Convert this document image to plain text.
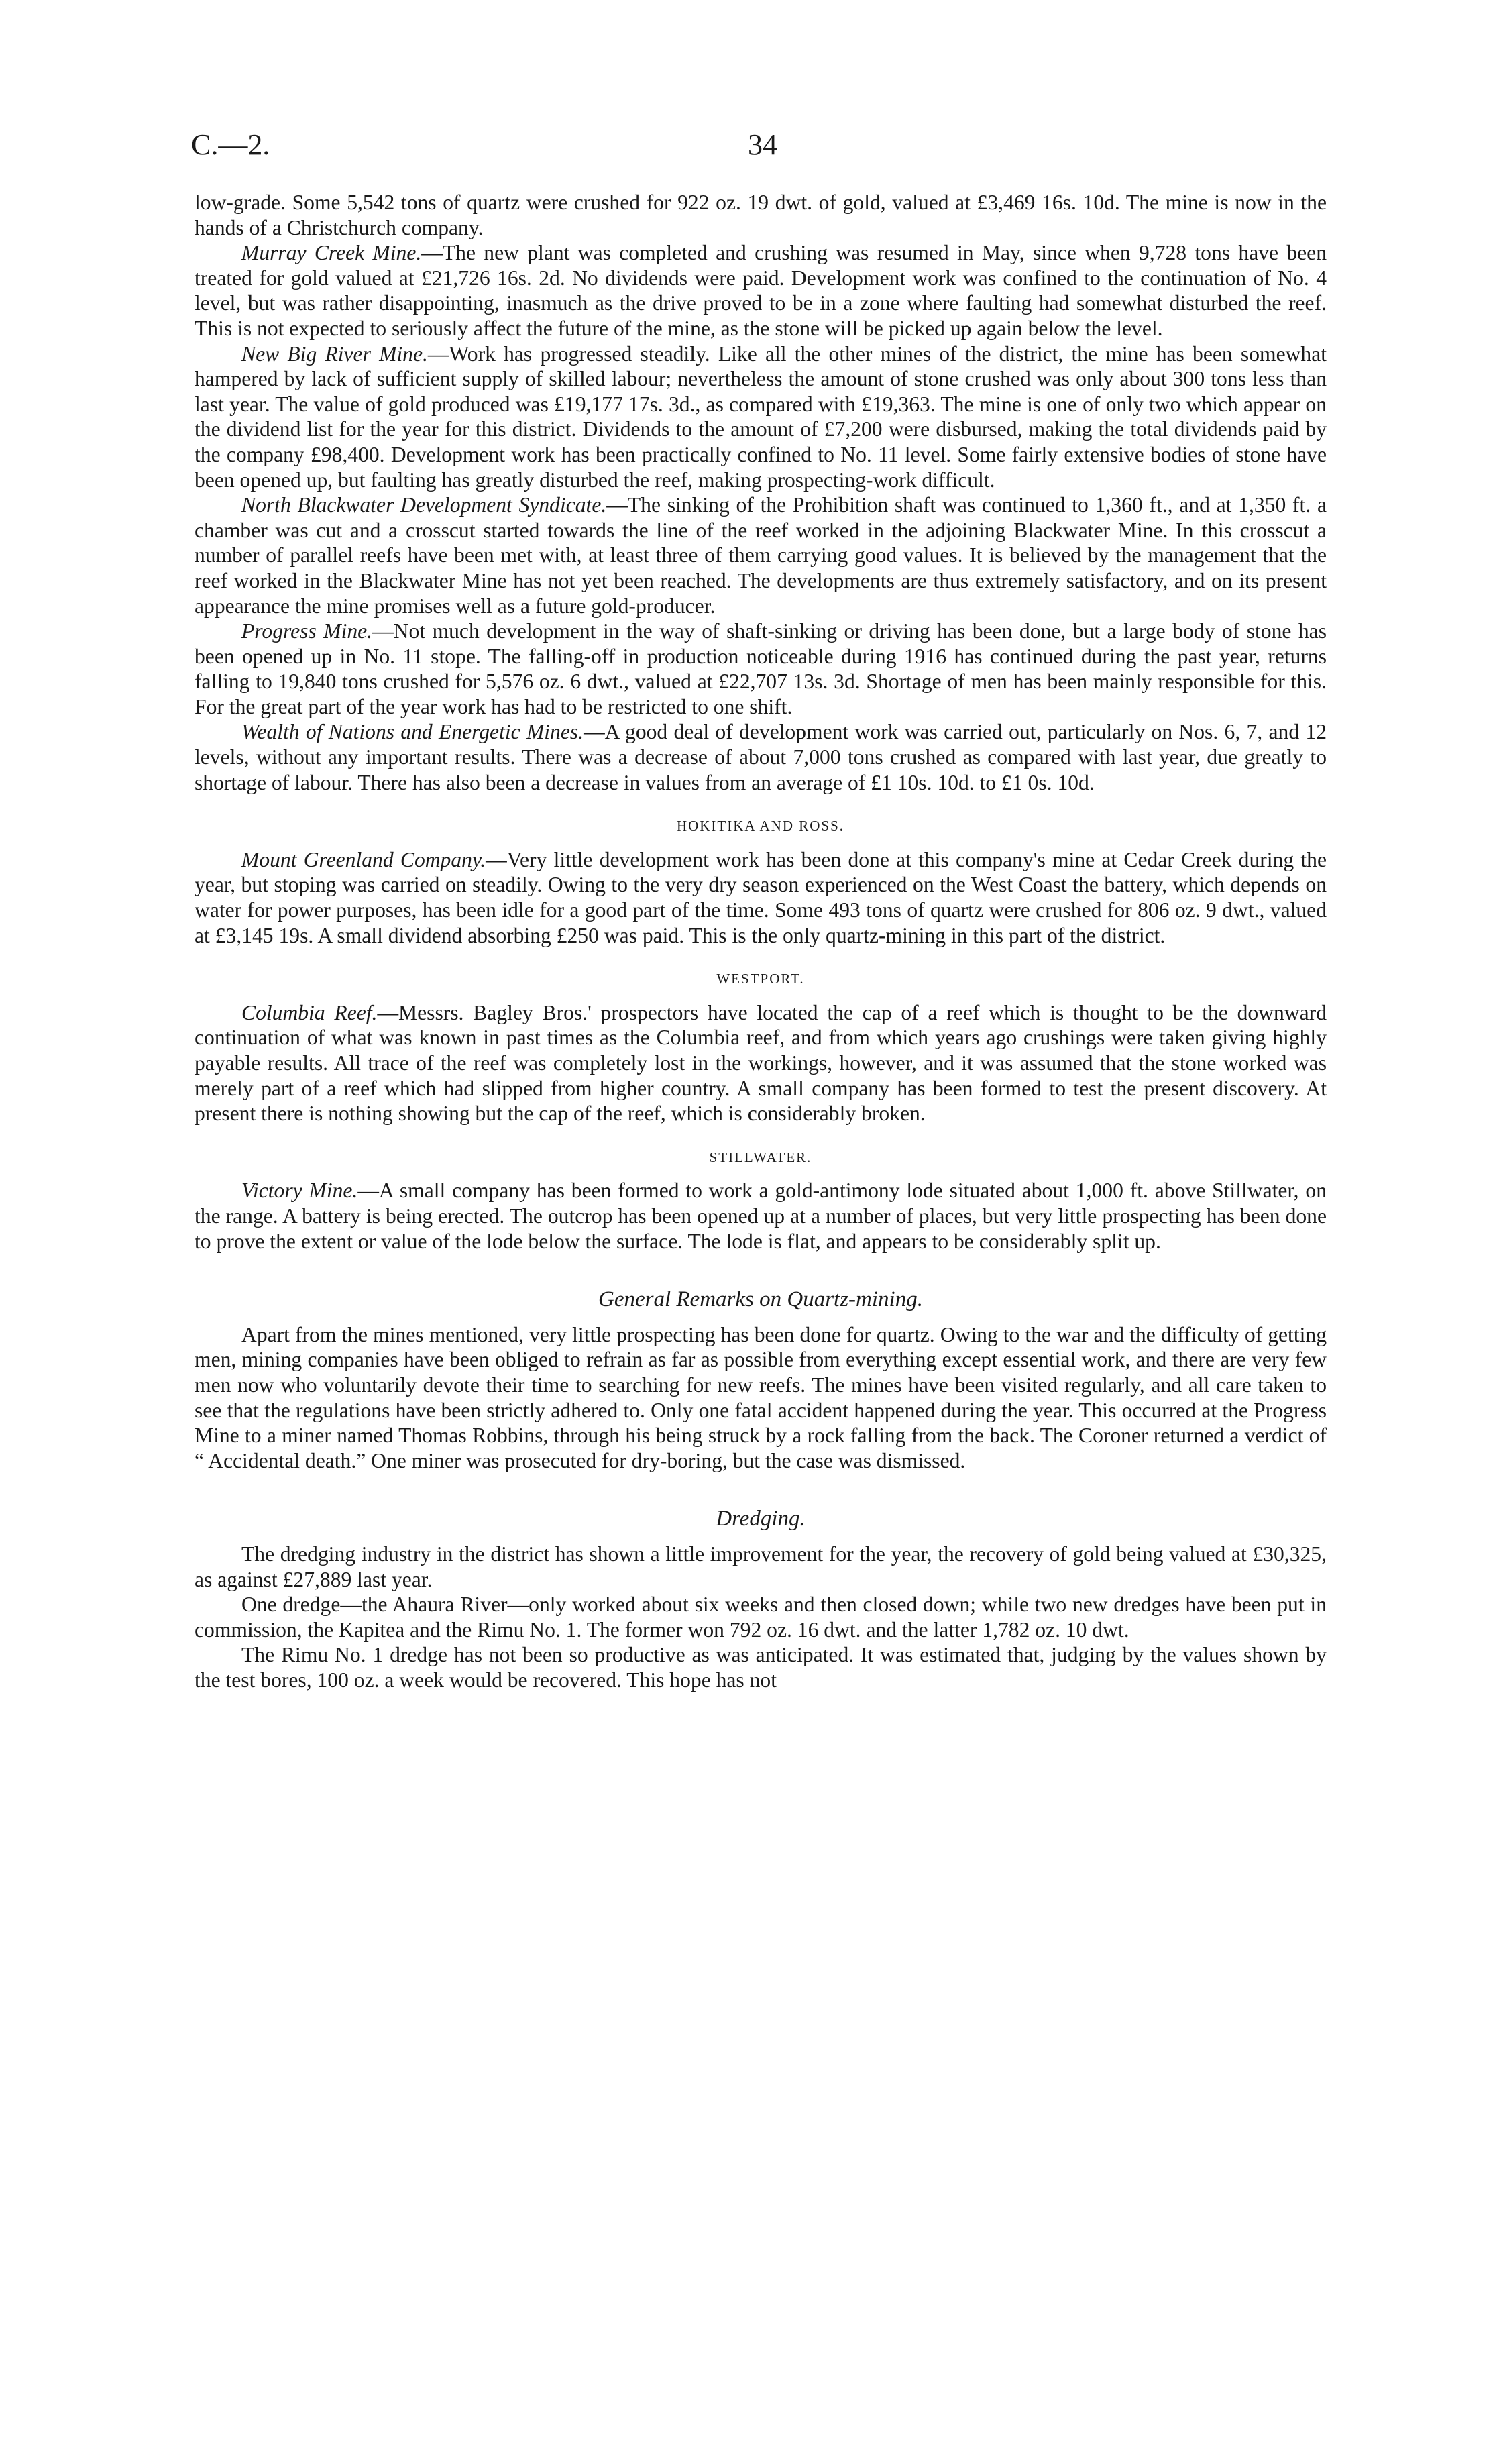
C.—2.	34

low-grade. Some 5,542 tons of quartz were crushed for 922 oz. 19 dwt. of gold, valued at £3,469 16s. 10d. The mine is now in the hands of a Christchurch company.

Murray Creek Mine.—The new plant was completed and crushing was resumed in May, since when 9,728 tons have been treated for gold valued at £21,726 16s. 2d. No dividends were paid. Development work was confined to the continuation of No. 4 level, but was rather disappointing, inasmuch as the drive proved to be in a zone where faulting had somewhat disturbed the reef. This is not expected to seriously affect the future of the mine, as the stone will be picked up again below the level.

New Big River Mine.—Work has progressed steadily. Like all the other mines of the district, the mine has been somewhat hampered by lack of sufficient supply of skilled labour; nevertheless the amount of stone crushed was only about 300 tons less than last year. The value of gold produced was £19,177 17s. 3d., as compared with £19,363. The mine is one of only two which appear on the dividend list for the year for this district. Dividends to the amount of £7,200 were disbursed, making the total dividends paid by the company £98,400. Development work has been practically confined to No. 11 level. Some fairly extensive bodies of stone have been opened up, but faulting has greatly disturbed the reef, making prospecting-work difficult.

North Blackwater Development Syndicate.—The sinking of the Prohibition shaft was continued to 1,360 ft., and at 1,350 ft. a chamber was cut and a crosscut started towards the line of the reef worked in the adjoining Blackwater Mine. In this crosscut a number of parallel reefs have been met with, at least three of them carrying good values. It is believed by the management that the reef worked in the Blackwater Mine has not yet been reached. The developments are thus extremely satisfactory, and on its present appearance the mine promises well as a future gold-producer.

Progress Mine.—Not much development in the way of shaft-sinking or driving has been done, but a large body of stone has been opened up in No. 11 stope. The falling-off in production noticeable during 1916 has continued during the past year, returns falling to 19,840 tons crushed for 5,576 oz. 6 dwt., valued at £22,707 13s. 3d. Shortage of men has been mainly responsible for this. For the great part of the year work has had to be restricted to one shift.

Wealth of Nations and Energetic Mines.—A good deal of development work was carried out, particularly on Nos. 6, 7, and 12 levels, without any important results. There was a decrease of about 7,000 tons crushed as compared with last year, due greatly to shortage of labour. There has also been a decrease in values from an average of £1 10s. 10d. to £1 0s. 10d.

HOKITIKA AND ROSS.

Mount Greenland Company.—Very little development work has been done at this company's mine at Cedar Creek during the year, but stoping was carried on steadily. Owing to the very dry season experienced on the West Coast the battery, which depends on water for power purposes, has been idle for a good part of the time. Some 493 tons of quartz were crushed for 806 oz. 9 dwt., valued at £3,145 19s. A small dividend absorbing £250 was paid. This is the only quartz-mining in this part of the district.

WESTPORT.

Columbia Reef.—Messrs. Bagley Bros.' prospectors have located the cap of a reef which is thought to be the downward continuation of what was known in past times as the Columbia reef, and from which years ago crushings were taken giving highly payable results. All trace of the reef was completely lost in the workings, however, and it was assumed that the stone worked was merely part of a reef which had slipped from higher country. A small company has been formed to test the present discovery. At present there is nothing showing but the cap of the reef, which is considerably broken.

STILLWATER.

Victory Mine.—A small company has been formed to work a gold-antimony lode situated about 1,000 ft. above Stillwater, on the range. A battery is being erected. The outcrop has been opened up at a number of places, but very little prospecting has been done to prove the extent or value of the lode below the surface. The lode is flat, and appears to be considerably split up.

General Remarks on Quartz-mining.

Apart from the mines mentioned, very little prospecting has been done for quartz. Owing to the war and the difficulty of getting men, mining companies have been obliged to refrain as far as possible from everything except essential work, and there are very few men now who voluntarily devote their time to searching for new reefs. The mines have been visited regularly, and all care taken to see that the regulations have been strictly adhered to. Only one fatal accident happened during the year. This occurred at the Progress Mine to a miner named Thomas Robbins, through his being struck by a rock falling from the back. The Coroner returned a verdict of “ Accidental death.” One miner was prosecuted for dry-boring, but the case was dismissed.

Dredging.

The dredging industry in the district has shown a little improvement for the year, the recovery of gold being valued at £30,325, as against £27,889 last year.

One dredge—the Ahaura River—only worked about six weeks and then closed down; while two new dredges have been put in commission, the Kapitea and the Rimu No. 1. The former won 792 oz. 16 dwt. and the latter 1,782 oz. 10 dwt.

The Rimu No. 1 dredge has not been so productive as was anticipated. It was estimated that, judging by the values shown by the test bores, 100 oz. a week would be recovered. This hope has not
